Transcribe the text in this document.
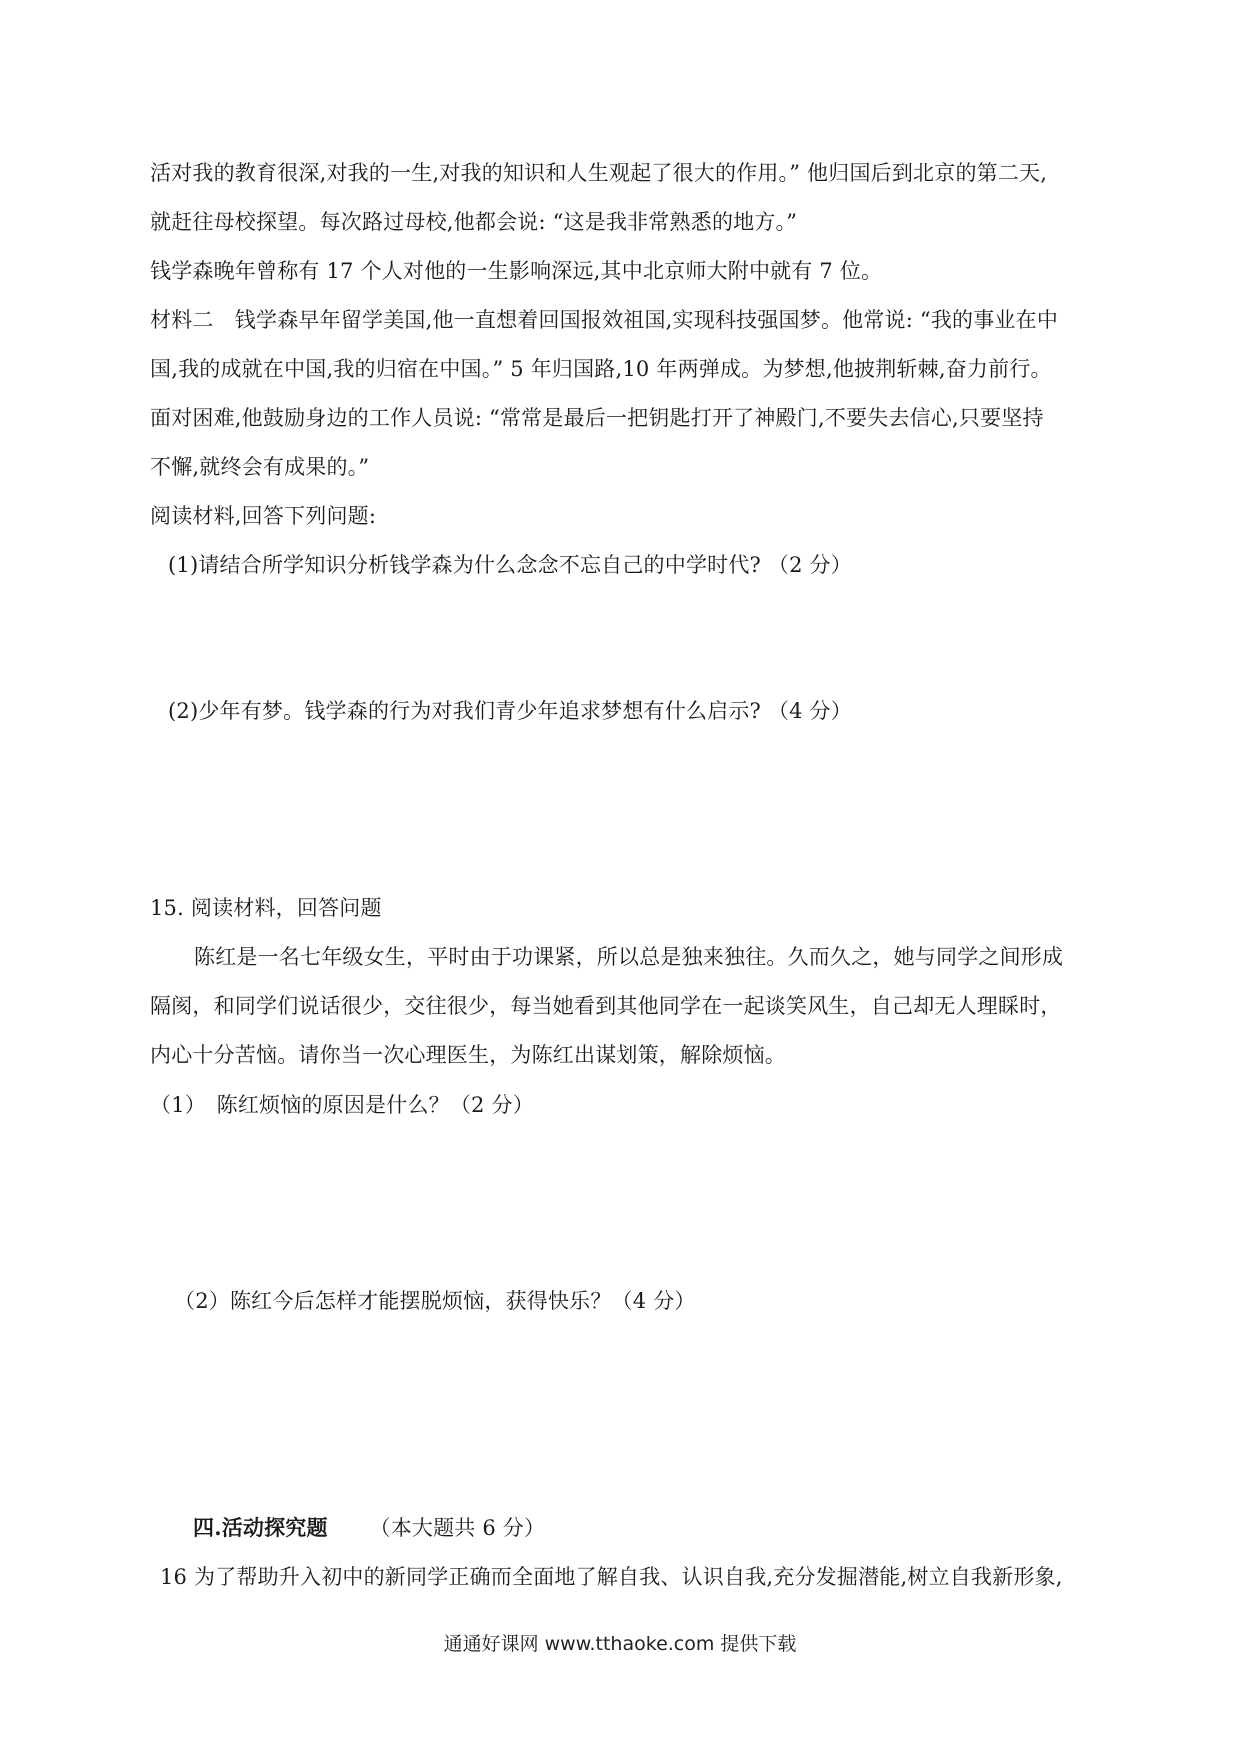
活对我的教育很深,对我的一生,对我的知识和人生观起了很大的作用。” 他归国后到北京的第二天,
就赶往母校探望。每次路过母校,他都会说: “这是我非常熟悉的地方。”
钱学森晚年曾称有 17 个人对他的一生影响深远,其中北京师大附中就有 7 位。
材料二　钱学森早年留学美国,他一直想着回国报效祖国,实现科技强国梦。他常说: “我的事业在中
国,我的成就在中国,我的归宿在中国。” 5 年归国路,10 年两弹成。为梦想,他披荆斩棘,奋力前行。
面对困难,他鼓励身边的工作人员说: “常常是最后一把钥匙打开了神殿门,不要失去信心,只要坚持
不懈,就终会有成果的。”
阅读材料,回答下列问题:
(1)请结合所学知识分析钱学森为什么念念不忘自己的中学时代? （2 分）
(2)少年有梦。钱学森的行为对我们青少年追求梦想有什么启示? （4 分）
15. 阅读材料，回答问题
陈红是一名七年级女生，平时由于功课紧，所以总是独来独往。久而久之，她与同学之间形成
隔阂，和同学们说话很少，交往很少，每当她看到其他同学在一起谈笑风生，自己却无人理睬时，
内心十分苦恼。请你当一次心理医生，为陈红出谋划策，解除烦恼。
（1）　陈红烦恼的原因是什么？（2 分）
（2）陈红今后怎样才能摆脱烦恼，获得快乐？（4 分）
四.活动探究题 （本大题共 6 分）
16 为了帮助升入初中的新同学正确而全面地了解自我、认识自我,充分发掘潜能,树立自我新形象,
通通好课网 www.tthaoke.com 提供下载
